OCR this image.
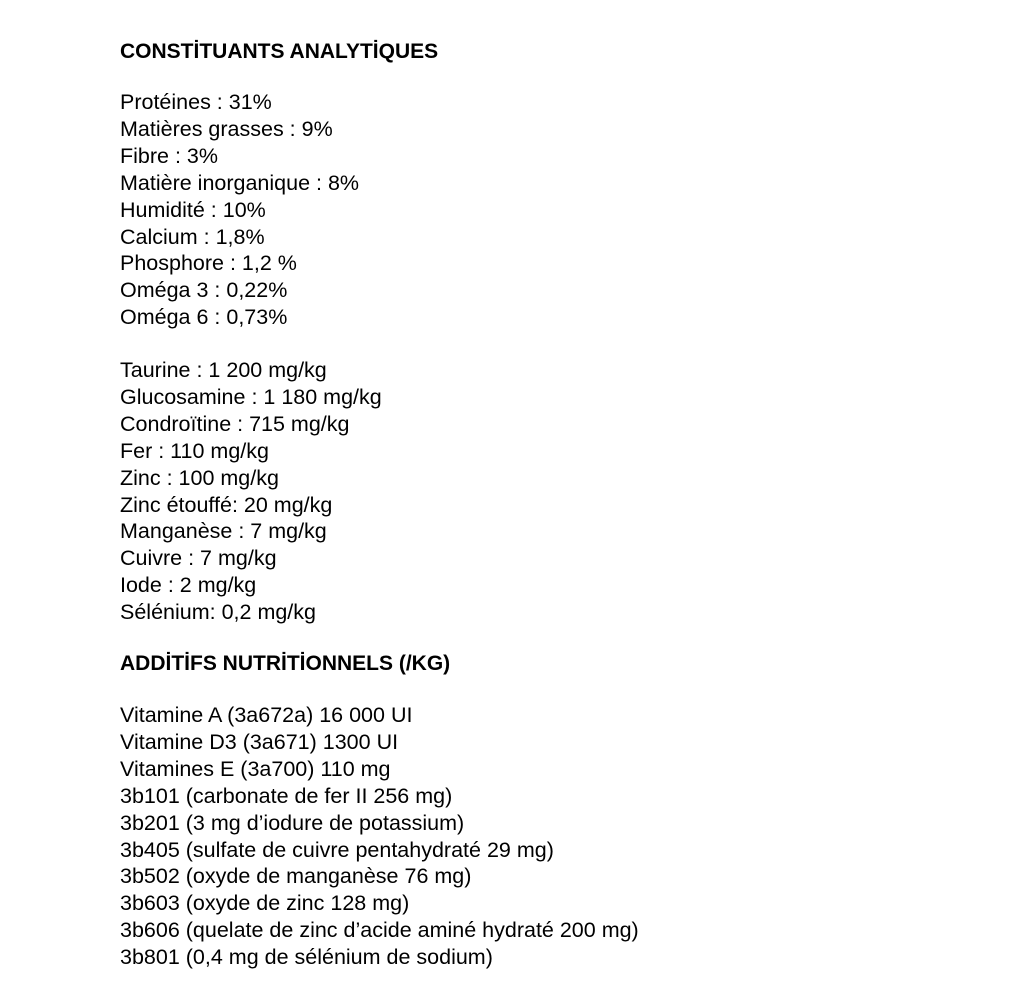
CONSTİTUANTS ANALYTİQUES
Protéines : 31%
Matières grasses : 9%
Fibre : 3%
Matière inorganique : 8%
Humidité : 10%
Calcium : 1,8%
Phosphore : 1,2 %
Oméga 3 : 0,22%
Oméga 6 : 0,73%
Taurine : 1 200 mg/kg
Glucosamine : 1 180 mg/kg
Condroïtine : 715 mg/kg
Fer : 110 mg/kg
Zinc : 100 mg/kg
Zinc étouffé: 20 mg/kg
Manganèse : 7 mg/kg
Cuivre : 7 mg/kg
Iode : 2 mg/kg
Sélénium: 0,2 mg/kg
ADDİTİFS NUTRİTİONNELS (/KG)
Vitamine A (3a672a) 16 000 UI
Vitamine D3 (3a671) 1300 UI
Vitamines E (3a700) 110 mg
3b101 (carbonate de fer II 256 mg)
3b201 (3 mg d’iodure de potassium)
3b405 (sulfate de cuivre pentahydraté 29 mg)
3b502 (oxyde de manganèse 76 mg)
3b603 (oxyde de zinc 128 mg)
3b606 (quelate de zinc d’acide aminé hydraté 200 mg)
3b801 (0,4 mg de sélénium de sodium)
